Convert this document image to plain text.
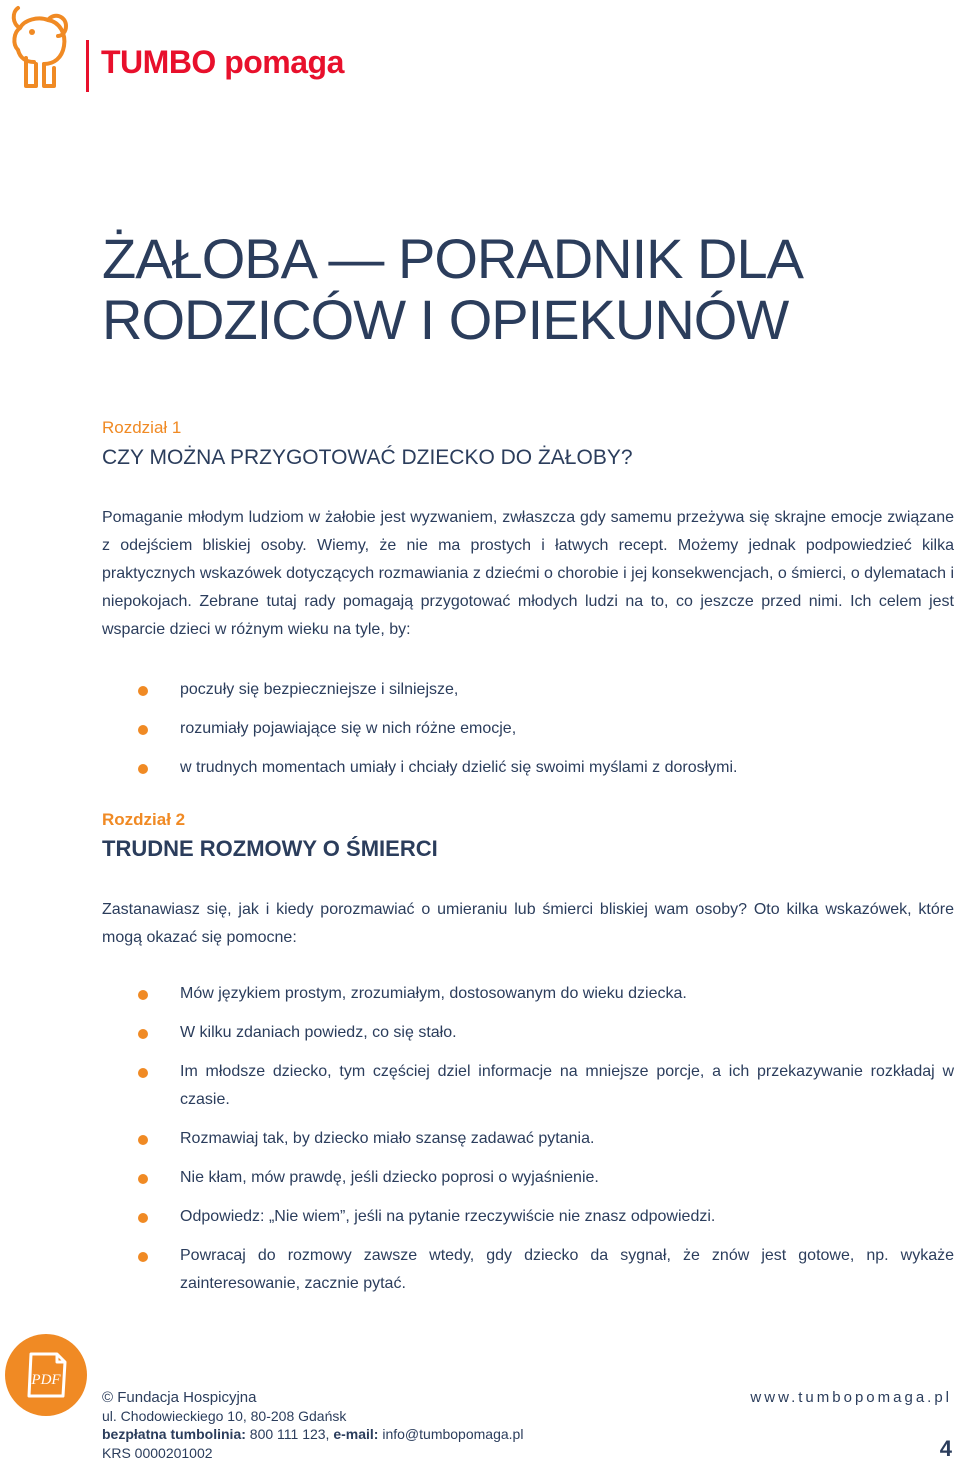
TUMBO pomaga
ŻAŁOBA — PORADNIK DLA
RODZICÓW I OPIEKUNÓW
Rozdział 1
CZY MOŻNA PRZYGOTOWAĆ DZIECKO DO ŻAŁOBY?
Pomaganie młodym ludziom w żałobie jest wyzwaniem, zwłaszcza gdy samemu przeżywa się skrajne emocje związane z odejściem bliskiej osoby. Wiemy, że nie ma prostych i łatwych recept. Możemy jednak podpowiedzieć kilka praktycznych wskazówek dotyczących rozmawiania z dziećmi o chorobie i jej konsekwencjach, o śmierci, o dylematach i niepokojach. Zebrane tutaj rady pomagają przygotować młodych ludzi na to, co jeszcze przed nimi. Ich celem jest wsparcie dzieci w różnym wieku na tyle, by:
poczuły się bezpieczniejsze i silniejsze,
rozumiały pojawiające się w nich różne emocje,
w trudnych momentach umiały i chciały dzielić się swoimi myślami z dorosłymi.
Rozdział 2
TRUDNE ROZMOWY O ŚMIERCI
Zastanawiasz się, jak i kiedy porozmawiać o umieraniu lub śmierci bliskiej wam osoby? Oto kilka wskazówek, które mogą okazać się pomocne:
Mów językiem prostym, zrozumiałym, dostosowanym do wieku dziecka.
W kilku zdaniach powiedz, co się stało.
Im młodsze dziecko, tym częściej dziel informacje na mniejsze porcje, a ich przekazywanie rozkładaj w czasie.
Rozmawiaj tak, by dziecko miało szansę zadawać pytania.
Nie kłam, mów prawdę, jeśli dziecko poprosi o wyjaśnienie.
Odpowiedz: „Nie wiem”, jeśli na pytanie rzeczywiście nie znasz odpowiedzi.
Powracaj do rozmowy zawsze wtedy, gdy dziecko da sygnał, że znów jest gotowe, np. wykaże zainteresowanie, zacznie pytać.
PDF
© Fundacja Hospicyjna
ul. Chodowieckiego 10, 80-208 Gdańsk
bezpłatna tumbolinia: 800 111 123, e-mail: info@tumbopomaga.pl
KRS 0000201002
www.tumbopomaga.pl
4
